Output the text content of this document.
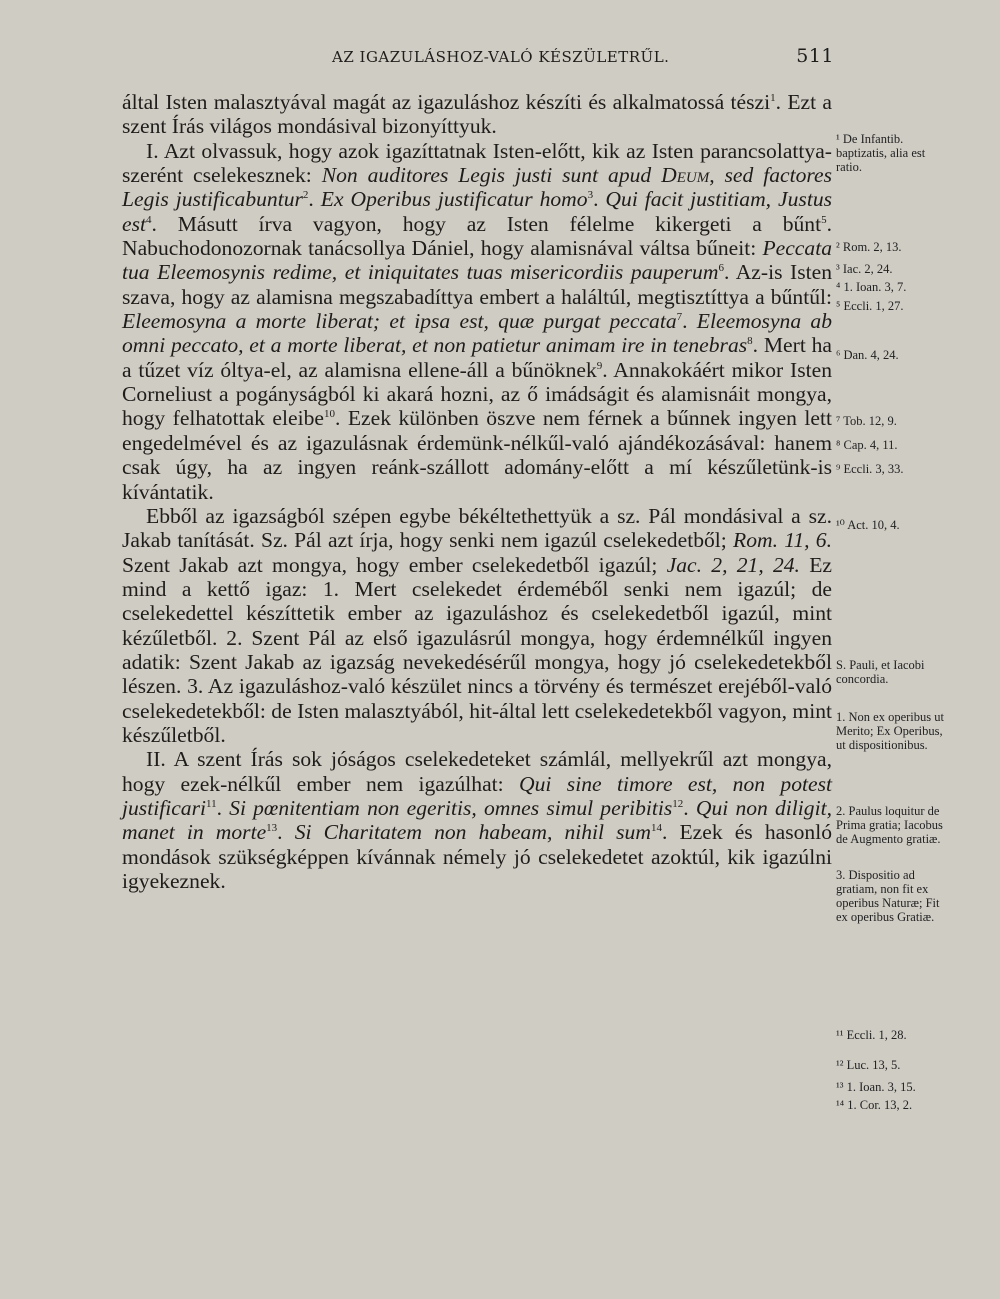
AZ IGAZULÁSHOZ-VALÓ KÉSZÜLETRŰL.	511

által Isten malasztyával magát az igazuláshoz készíti és alkalmatossá tészi$^1$. Ezt a szent Írás világos mondásival bizonyíttyuk.

I. Azt olvassuk, hogy azok igazíttatnak Isten-előtt, kik az Isten parancsolattya-szerént cselekesznek: Non auditores Legis justi sunt apud Deum, sed factores Legis justificabuntur$^2$. Ex Operibus justificatur homo$^3$. Qui facit justitiam, Justus est$^4$. Másutt írva vagyon, hogy az Isten félelme kikergeti a bűnt$^5$. Nabuchodonozornak tanácsollya Dániel, hogy alamisnával váltsa bűneit: Peccata tua Eleemosynis redime, et iniquitates tuas misericordiis pauperum$^6$. Az-is Isten szava, hogy az alamisna megszabadíttya embert a haláltúl, megtisztíttya a bűntűl: Eleemosyna a morte liberat; et ipsa est, quæ purgat peccata$^7$. Eleemosyna ab omni peccato, et a morte liberat, et non patietur animam ire in tenebras$^8$. Mert ha a tűzet víz óltya-el, az alamisna ellene-áll a bűnöknek$^9$. Annakokáért mikor Isten Corneliust a pogányságból ki akará hozni, az ő imádságit és alamisnáit mongya, hogy felhatottak eleibe$^{10}$. Ezek különben öszve nem férnek a bűnnek ingyen lett engedelmével és az igazulásnak érdemünk-nélkűl-való ajándékozásával: hanem csak úgy, ha az ingyen reánk-szállott adomány-előtt a mí készűletünk-is kívántatik.

Ebből az igazságból szépen egybe békéltethettyük a sz. Pál mondásival a sz. Jakab tanítását. Sz. Pál azt írja, hogy senki nem igazúl cselekedetből; Rom. 11, 6. Szent Jakab azt mongya, hogy ember cselekedetből igazúl; Jac. 2, 21, 24. Ez mind a kettő igaz: 1. Mert cselekedet érdeméből senki nem igazúl; de cselekedettel készíttetik ember az igazuláshoz és cselekedetből igazúl, mint kézűletből. 2. Szent Pál az első igazulásrúl mongya, hogy érdemnélkűl ingyen adatik: Szent Jakab az igazság nevekedésérűl mongya, hogy jó cselekedetekből lészen. 3. Az igazuláshoz-való készület nincs a törvény és természet erejéből-való cselekedetekből: de Isten malasztyából, hit-által lett cselekedetekből vagyon, mint készűletből.

II. A szent Írás sok jóságos cselekedeteket számlál, mellyekrűl azt mongya, hogy ezek-nélkűl ember nem igazúlhat: Qui sine timore est, non potest justificari$^{11}$. Si pœnitentiam non egeritis, omnes simul peribitis$^{12}$. Qui non diligit, manet in morte$^{13}$. Si Charitatem non habeam, nihil sum$^{14}$. Ezek és hasonló mondások szükségképpen kívánnak némely jó cselekedetet azoktúl, kik igazúlni igyekeznek.

¹ De Infantib. baptizatis, alia est ratio.
² Rom. 2, 13.
³ Iac. 2, 24.
⁴ 1. Ioan. 3, 7.
⁵ Eccli. 1, 27.
⁶ Dan. 4, 24.
⁷ Tob. 12, 9.
⁸ Cap. 4, 11.
⁹ Eccli. 3, 33.
¹⁰ Act. 10, 4.
S. Pauli, et Iacobi concordia.
1. Non ex operibus ut Merito; Ex Operibus, ut dispositionibus.
2. Paulus loquitur de Prima gratia; Iacobus de Augmento gratiæ.
3. Dispositio ad gratiam, non fit ex operibus Naturæ; Fit ex operibus Gratiæ.
¹¹ Eccli. 1, 28.
¹² Luc. 13, 5.
¹³ 1. Ioan. 3, 15.
¹⁴ 1. Cor. 13, 2.
